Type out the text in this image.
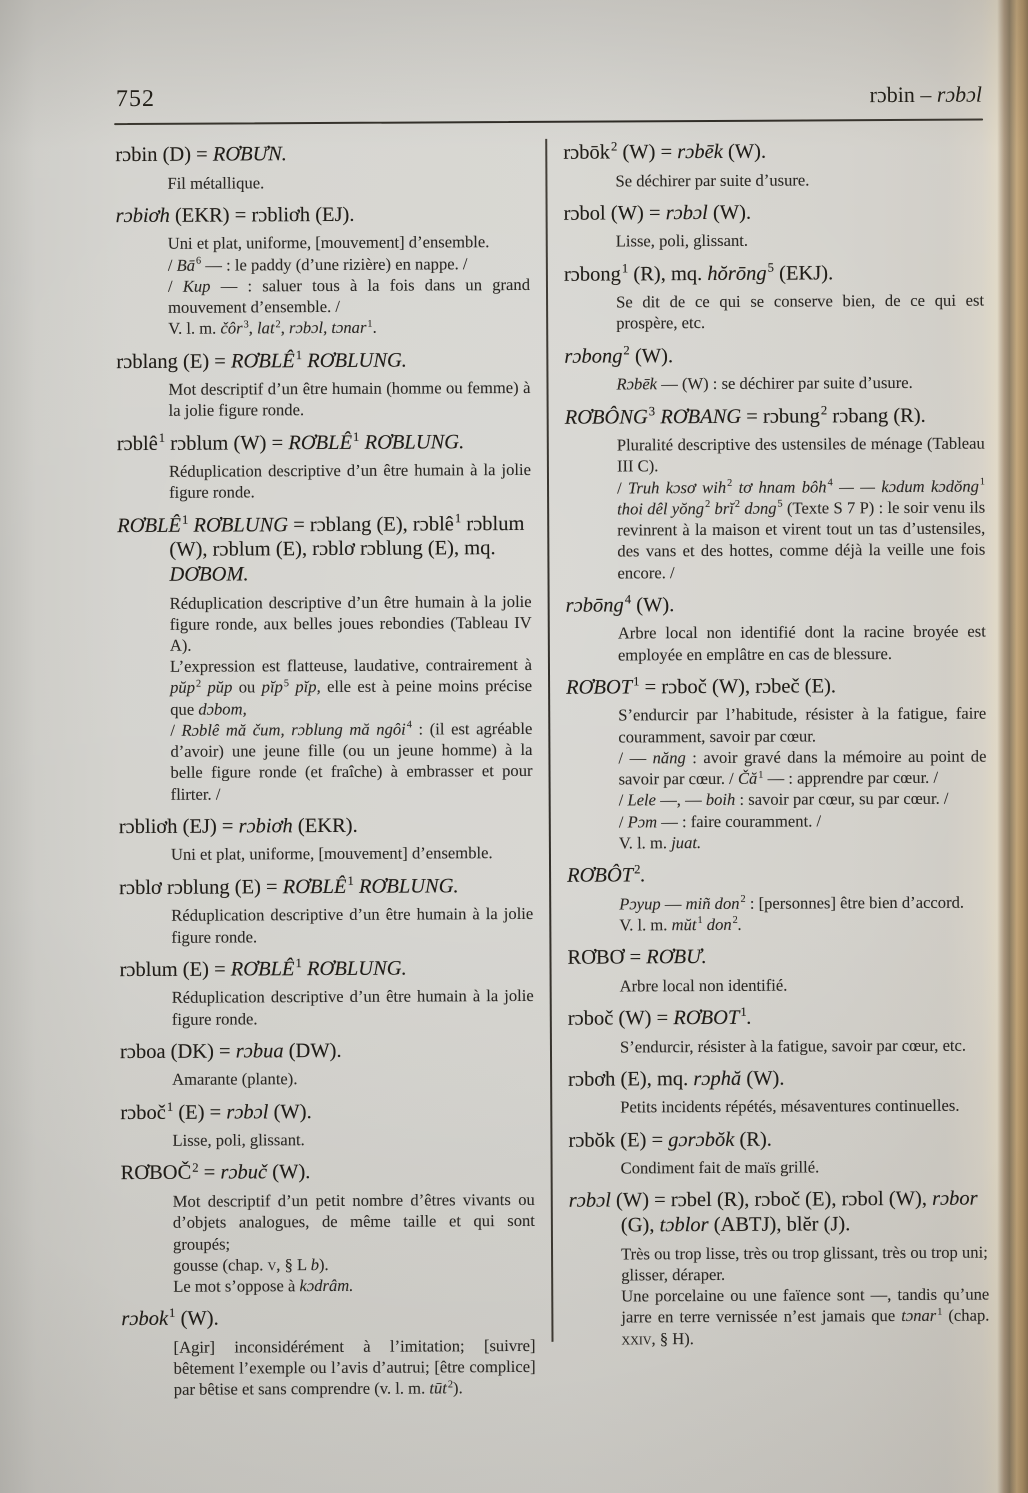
752	rɔbin – rɔbɔl

rɔbin (D) = RƠBƯN.

Fil métallique.

rɔbiơh (EKR) = rɔbliơh (EJ).

Uni et plat, uniforme, [mouvement] d’ensemble.

/ $Bā^6$ — : le paddy (d’une rizière) en nappe. /

/ Kup — : saluer tous à la fois dans un grand mouvement d’ensemble. /

V. l. m. čôr$^3$, lat$^2$, rɔbɔl, tɔnar$^1$.

rɔblang $(E) = RƠBLÊ^1$ RƠBLUNG.

Mot descriptif d’un être humain (homme ou femme) à la jolie figure ronde.

rɔblê$^1$ rɔblum $(W) = RƠBLÊ^1$ RƠBLUNG.

Réduplication descriptive d’un être humain à la jolie figure ronde.

RƠBLÊ$^1$ RƠBLUNG = rɔblang (E), rɔblê$^1$ rɔblum (W), rɔblum (E), rɔblơ rɔblung (E), mq. DƠBOM.

Réduplication descriptive d’un être humain à la jolie figure ronde, aux belles joues rebondies (Tableau IV A).

L’expression est flatteuse, laudative, contrairement à pŭp$^2$ pŭp ou pĭp$^5$ pĭp, elle est à peine moins précise que dɔbom,

/ Rɔblê mă čum, rɔblung mă ngôi$^4$ : (il est agréable d’avoir) une jeune fille (ou un jeune homme) à la belle figure ronde (et fraîche) à embrasser et pour flirter. /

rɔbliơh (EJ) = rɔbiơh (EKR).

Uni et plat, uniforme, [mouvement] d’ensemble.

rɔblơ rɔblung $(E) = RƠBLÊ^1$ RƠBLUNG.

Réduplication descriptive d’un être humain à la jolie figure ronde.

rɔblum $(E) = RƠBLÊ^1$ RƠBLUNG.

Réduplication descriptive d’un être humain à la jolie figure ronde.

rɔboa (DK) = rɔbua (DW).

Amarante (plante).

rɔboč$^1$ (E) = rɔbɔl (W).

Lisse, poli, glissant.

$RƠBOČ^2$ = rɔbuč (W).

Mot descriptif d’un petit nombre d’êtres vivants ou d’objets analogues, de même taille et qui sont groupés;

gousse (chap. v, § L b).

Le mot s’oppose à kɔdrâm.

rɔbok$^1$ (W).

[Agir] inconsidérément à l’imitation; [suivre] bêtement l’exemple ou l’avis d’autrui; [être complice] par bêtise et sans comprendre (v. l. m. tūt$^2$).

rɔbōk$^2$ (W) = rɔbēk (W).

Se déchirer par suite d’usure.

rɔbol (W) = rɔbɔl (W).

Lisse, poli, glissant.

rɔbong$^1$ (R), mq. hŏrōng$^5$ (EKJ).

Se dit de ce qui se conserve bien, de ce qui est prospère, etc.

rɔbong$^2$ (W).

Rɔbēk — (W) : se déchirer par suite d’usure.

RƠBÔNG$^3$ RƠBANG = rɔbung$^2$ rɔbang (R).

Pluralité descriptive des ustensiles de ménage (Tableau III C).

/ Truh kɔsơ wih$^2$ tơ hnam bôh$^4$ — — kɔdum kɔdŏng$^1$ thoi dêl yŏng$^2$ brĭ$^2$ dɔng$^5$ (Texte S 7 P) : le soir venu ils revinrent à la maison et virent tout un tas d’ustensiles, des vans et des hottes, comme déjà la veille une fois encore. /

rɔbōng$^4$ (W).

Arbre local non identifié dont la racine broyée est employée en emplâtre en cas de blessure.

$RƠBOT^1$ = rɔboč (W), rɔbeč (E).

S’endurcir par l’habitude, résister à la fatigue, faire couramment, savoir par cœur.

/ — năng : avoir gravé dans la mémoire au point de savoir par cœur. / $Čă^1$ — : apprendre par cœur. /

/ Lele —, — boih : savoir par cœur, su par cœur. /

/ Pɔm — : faire couramment. /

V. l. m. juat.

RƠBÔT$^2$.

Pɔyup — miñ don$^2$ : [personnes] être bien d’accord.

V. l. m. mŭt$^1$ don$^2$.

RƠBƠ = RƠBƯ.

Arbre local non identifié.

rɔboč $(W) = RƠBOT^1$.

S’endurcir, résister à la fatigue, savoir par cœur, etc.

rɔbơh (E), mq. rɔphă (W).

Petits incidents répétés, mésaventures continuelles.

rɔbŏk (E) = gɔrɔbŏk (R).

Condiment fait de maïs grillé.

rɔbɔl (W) = rɔbel (R), rɔboč (E), rɔbol (W), rɔbor (G), tɔblor (ABTJ), blĕr (J).

Très ou trop lisse, très ou trop glissant, très ou trop uni;

glisser, déraper.

Une porcelaine ou une faïence sont —, tandis qu’une jarre en terre vernissée n’est jamais que tɔnar$^1$ (chap. xxiv, § H).
